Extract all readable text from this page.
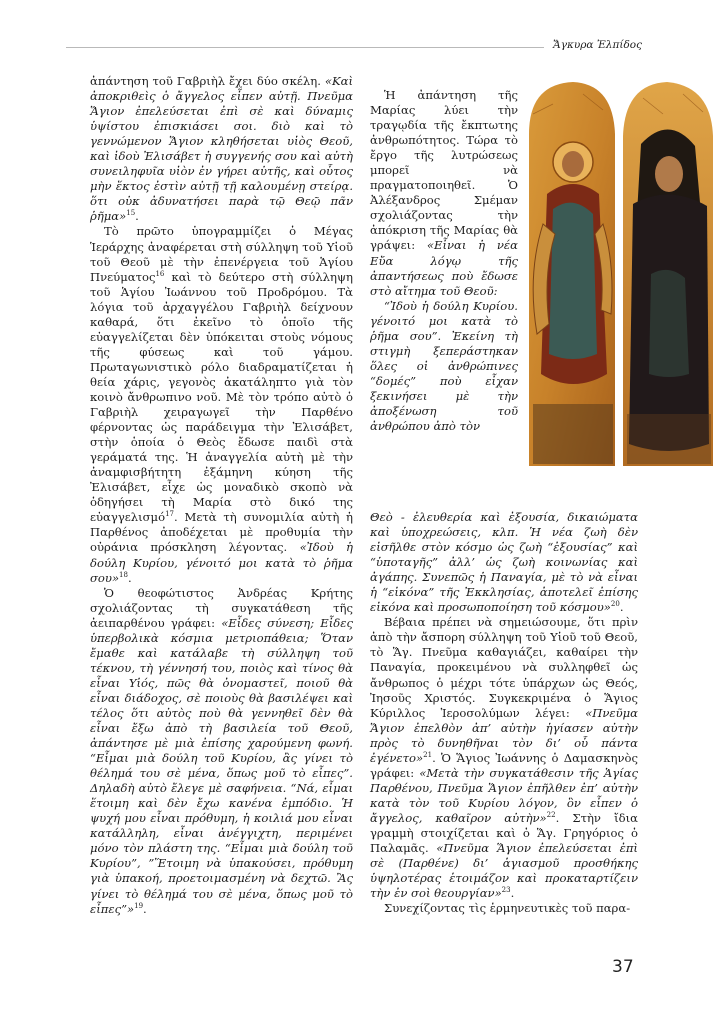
Ἄγκυρα Ἐλπίδος

ἀπάντηση τοῦ Γαβριὴλ ἔχει δύο σκέλη. «Καὶ ἀποκριθεὶς ὁ ἄγγελος εἶπεν αὐτῇ. Πνεῦμα Ἅγιον ἐπελεύσεται ἐπὶ σὲ καὶ δύναμις ὑψίστου ἐπισκιάσει σοι. διὸ καὶ τὸ γεννώμενον Ἅγιον κληθήσεται υἱὸς Θεοῦ, καὶ ἰδοὺ Ἐλισάβετ ἡ συγγενής σου καὶ αὐτὴ συνειληφυῖα υἱὸν ἐν γήρει αὐτῆς, καὶ οὗτος μὴν ἕκτος ἐστὶν αὐτῇ τῇ καλουμένῃ στείρᾳ. ὅτι οὐκ ἀδυνατήσει παρὰ τῷ Θεῷ πᾶν ῥῆμα»$^{15}$.

Τὸ πρῶτο ὑπογραμμίζει ὁ Μέγας Ἱεράρχης ἀναφέρεται στὴ σύλληψη τοῦ Υἱοῦ τοῦ Θεοῦ μὲ τὴν ἐπενέργεια τοῦ Ἁγίου Πνεύματος$^{16}$ καὶ τὸ δεύτερο στὴ σύλληψη τοῦ Ἁγίου Ἰωάννου τοῦ Προδρόμου. Τὰ λόγια τοῦ ἀρχαγγέλου Γαβριὴλ δείχνουν καθαρά, ὅτι ἐκεῖνο τὸ ὁποῖο τῆς εὐαγγελίζεται δὲν ὑπόκειται στοὺς νόμους τῆς φύσεως καὶ τοῦ γάμου. Πρωταγωνιστικὸ ρόλο διαδραματίζεται ἡ θεία χάρις, γεγονὸς ἀκατάληπτο γιὰ τὸν κοινὸ ἄνθρωπινο νοῦ. Μὲ τὸν τρόπο αὐτὸ ὁ Γαβριὴλ χειραγωγεῖ τὴν Παρθένο φέρνοντας ὡς παράδειγμα τὴν Ἐλισάβετ, στὴν ὁποία ὁ Θεὸς ἔδωσε παιδὶ στὰ γεράματά της. Ἡ ἀναγγελία αὐτὴ μὲ τὴν ἀναμφισβήτητη ἐξάμηνη κύηση τῆς Ἐλισάβετ, εἶχε ὡς μοναδικὸ σκοπὸ νὰ ὁδηγήσει τὴ Μαρία στὸ δικό της εὐαγγελισμό$^{17}$. Μετὰ τὴ συνομιλία αὐτὴ ἡ Παρθένος ἀποδέχεται μὲ προθυμία τὴν οὐράνια πρόσκληση λέγοντας. «Ἰδοὺ ἡ δούλη Κυρίου, γένοιτό μοι κατὰ τὸ ῥῆμα σου»$^{18}$.

Ὁ θεοφώτιστος Ἀνδρέας Κρήτης σχολιάζοντας τὴ συγκατάθεση τῆς ἀειπαρθένου γράφει: «Εἶδες σύνεση; Εἶδες ὑπερβολικὰ κόσμια μετριοπάθεια; Ὅταν ἔμαθε καὶ κατάλαβε τὴ σύλληψη τοῦ τέκνου, τὴ γέννησή του, ποιὸς καὶ τίνος θὰ εἶναι Υἱός, πῶς θὰ ὀνομαστεῖ, ποιοῦ θὰ εἶναι διάδοχος, σὲ ποιοὺς θὰ βασιλέψει καὶ τέλος ὅτι αὐτὸς ποὺ θὰ γεννηθεῖ δὲν θὰ εἶναι ἔξω ἀπὸ τὴ βασιλεία τοῦ Θεοῦ, ἀπάντησε μὲ μιὰ ἐπίσης χαρούμενη φωνή. “Εἶμαι μιὰ δούλη τοῦ Κυρίου, ἂς γίνει τὸ θέλημά του σὲ μένα, ὅπως μοῦ τὸ εἶπες”. Δηλαδὴ αὐτὸ ἔλεγε μὲ σαφήνεια. “Νά, εἶμαι ἕτοιμη καὶ δὲν ἔχω κανένα ἐμπόδιο. Ἡ ψυχή μου εἶναι πρόθυμη, ἡ κοιλιά μου εἶναι κατάλληλη, εἶναι ἀνέγγιχτη, περιμένει μόνο τὸν πλάστη της. “Εἶμαι μιὰ δούλη τοῦ Κυρίου”, ”Ἕτοιμη νὰ ὑπακούσει, πρόθυμη γιὰ ὑπακοή, προετοιμασμένη νὰ δεχτῶ. Ἂς γίνει τὸ θέλημά του σὲ μένα, ὅπως μοῦ τὸ εἶπες”»$^{19}$.

Ἡ ἀπάντηση τῆς Μαρίας λύει τὴν τραγῳδία τῆς ἔκπτωτης ἀνθρωπότητος. Τώρα τὸ ἔργο τῆς λυτρώσεως μπορεῖ νὰ πραγματοποιηθεῖ. Ὁ Ἀλέξανδρος Σμέμαν σχολιάζοντας τὴν ἀπόκριση τῆς Μαρίας θὰ γράψει: «Εἶναι ἡ νέα Εὔα λόγῳ τῆς ἀπαντήσεως ποὺ ἔδωσε στὸ αἴτημα τοῦ Θεοῦ:

“Ἰδοὺ ἡ δούλη Κυρίου. γένοιτό μοι κατὰ τὸ ῥῆμα σου”. Ἐκείνη τὴ στιγμὴ ξεπεράστηκαν ὅλες οἱ ἀνθρώπινες “δομές” ποὺ εἶχαν ξεκινήσει μὲ τὴν ἀποξένωση τοῦ ἀνθρώπου ἀπὸ τὸν

Θεὸ - ἐλευθερία καὶ ἐξουσία, δικαιώματα καὶ ὑποχρεώσεις, κλπ. Ἡ νέα ζωὴ δὲν εἰσῆλθε στὸν κόσμο ὡς ζωὴ “ἐξουσίας” καὶ “ὑποταγῆς” ἀλλ’ ὡς ζωὴ κοινωνίας καὶ ἀγάπης. Συνεπῶς ἡ Παναγία, μὲ τὸ νὰ εἶναι ἡ “εἰκόνα” τῆς Ἐκκλησίας, ἀποτελεῖ ἐπίσης εἰκόνα καὶ προσωποποίηση τοῦ κόσμου»$^{20}$.

Βέβαια πρέπει νὰ σημειώσουμε, ὅτι πρὶν ἀπὸ τὴν ἄσπορη σύλληψη τοῦ Υἱοῦ τοῦ Θεοῦ, τὸ Ἅγ. Πνεῦμα καθαγιάζει, καθαίρει τὴν Παναγία, προκειμένου νὰ συλληφθεῖ ὡς ἄνθρωπος ὁ μέχρι τότε ὑπάρχων ὡς Θεός, Ἰησοῦς Χριστός. Συγκεκριμένα ὁ Ἅγιος Κύριλλος Ἱεροσολύμων λέγει: «Πνεῦμα Ἅγιον ἐπελθὸν ἀπ’ αὐτὴν ἡγίασεν αὐτὴν πρὸς τὸ δυνηθῆναι τὸν δι’ οὗ πάντα ἐγένετο»$^{21}$. Ὁ Ἅγιος Ἰωάννης ὁ Δαμασκηνὸς γράφει: «Μετὰ τὴν συγκατάθεσιν τῆς Ἁγίας Παρθένου, Πνεῦμα Ἅγιον ἐπῆλθεν ἐπ’ αὐτὴν κατὰ τὸν τοῦ Κυρίου λόγον, ὃν εἶπεν ὁ ἄγγελος, καθαῖρον αὐτὴν»$^{22}$. Στὴν ἴδια γραμμὴ στοιχίζεται καὶ ὁ Ἅγ. Γρηγόριος ὁ Παλαμᾶς. «Πνεῦμα Ἅγιον ἐπελεύσεται ἐπὶ σὲ (Παρθένε) δι’ ἁγιασμοῦ προσθήκης ὑψηλοτέρας ἑτοιμάζον καὶ προκαταρτίζειν τὴν ἐν σοὶ θεουργίαν»$^{23}$.

Συνεχίζοντας τὶς ἑρμηνευτικὲς τοῦ παρα-

37
